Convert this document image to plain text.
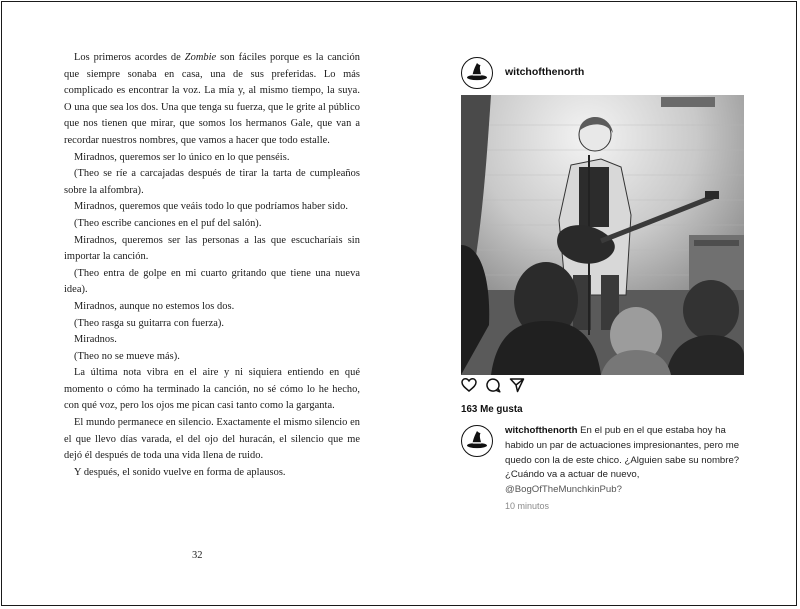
Los primeros acordes de Zombie son fáciles porque es la canción que siempre sonaba en casa, una de sus preferidas. Lo más complicado es encontrar la voz. La mía y, al mismo tiempo, la suya. O una que sea los dos. Una que tenga su fuerza, que le grite al público que nos tienen que mirar, que somos los hermanos Gale, que van a recordar nuestros nombres, que vamos a hacer que todo estalle.

Miradnos, queremos ser lo único en lo que penséis.

(Theo se ríe a carcajadas después de tirar la tarta de cumpleaños sobre la alfombra).

Miradnos, queremos que veáis todo lo que podríamos haber sido.

(Theo escribe canciones en el puf del salón).

Miradnos, queremos ser las personas a las que escucharíais sin importar la canción.

(Theo entra de golpe en mi cuarto gritando que tiene una nueva idea).

Miradnos, aunque no estemos los dos.

(Theo rasga su guitarra con fuerza).

Miradnos.

(Theo no se mueve más).

La última nota vibra en el aire y ni siquiera entiendo en qué momento o cómo ha terminado la canción, no sé cómo lo he hecho, con qué voz, pero los ojos me pican casi tanto como la garganta.

El mundo permanece en silencio. Exactamente el mismo silencio en el que llevo días varada, el del ojo del huracán, el silencio que me dejó él después de toda una vida llena de ruido.

Y después, el sonido vuelve en forma de aplausos.

32
witchofthenorth
163 Me gusta
witchofthenorth En el pub en el que estaba hoy ha habido un par de actuaciones impresionantes, pero me quedo con la de este chico. ¿Alguien sabe su nombre? ¿Cuándo va a actuar de nuevo, @BogOfTheMunchkinPub?
10 minutos
